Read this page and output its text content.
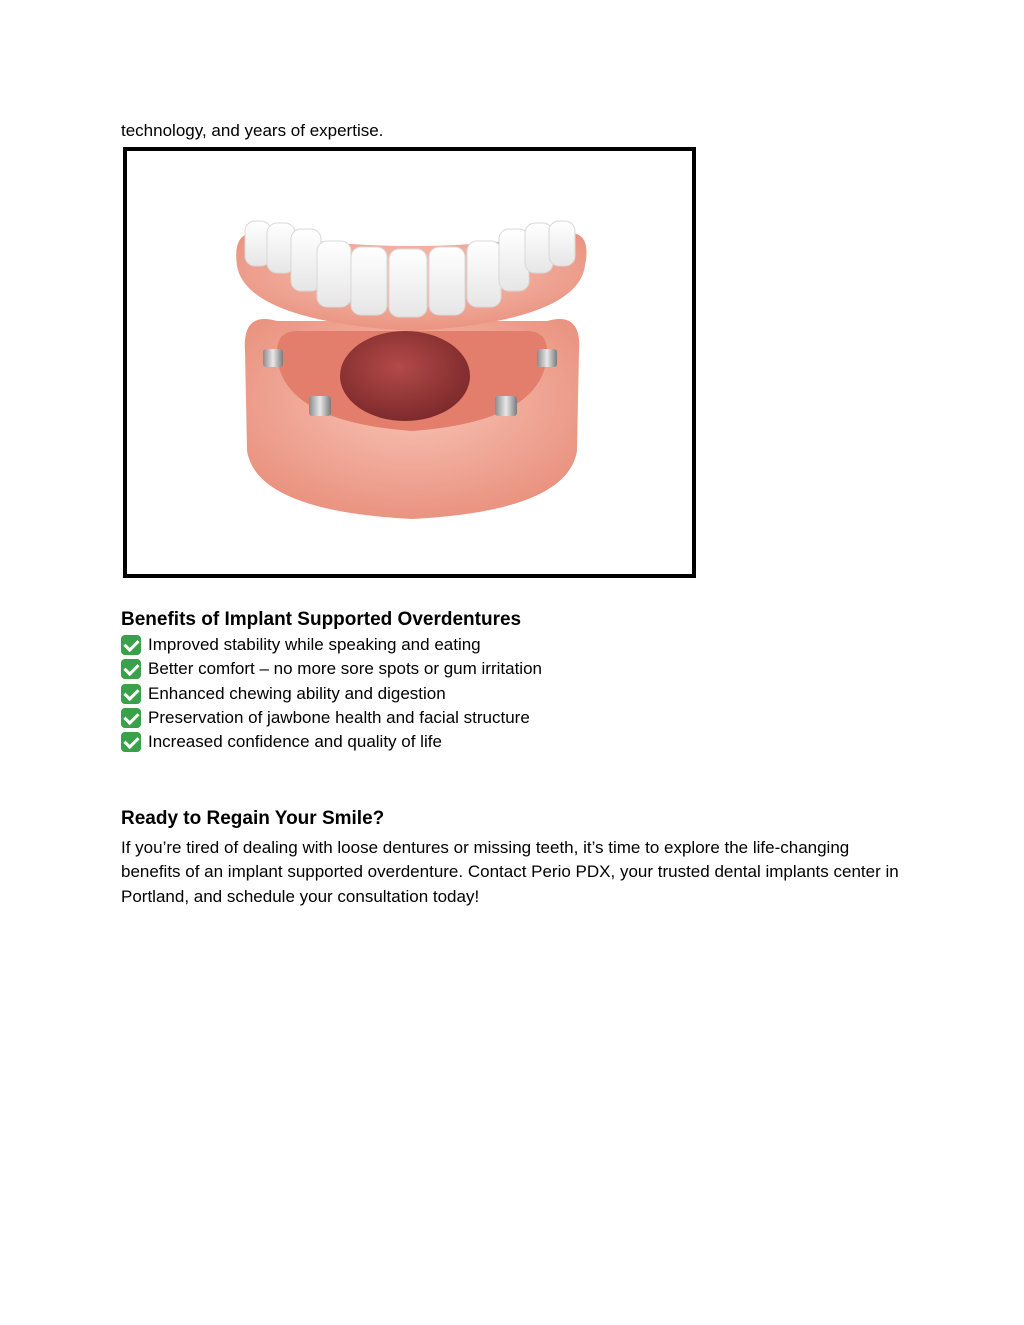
technology, and years of expertise.
Benefits of Implant Supported Overdentures
Improved stability while speaking and eating
Better comfort – no more sore spots or gum irritation
Enhanced chewing ability and digestion
Preservation of jawbone health and facial structure
Increased confidence and quality of life
Ready to Regain Your Smile?

If you’re tired of dealing with loose dentures or missing teeth, it’s time to explore the life-changing benefits of an implant supported overdenture. Contact Perio PDX, your trusted dental implants center in Portland, and schedule your consultation today!
